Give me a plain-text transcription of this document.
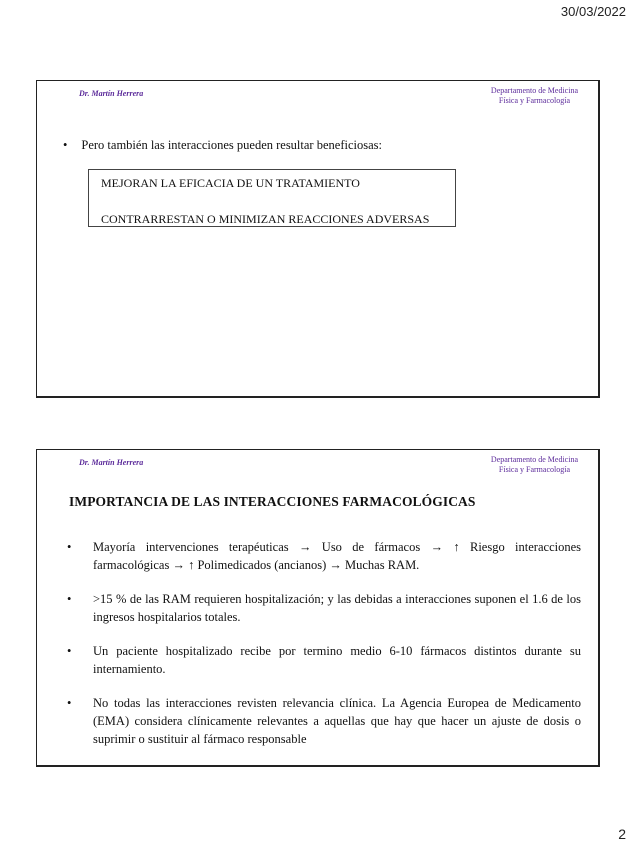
30/03/2022
Dr. Martín Herrera	Departamento de Medicina
Física y Farmacología
• Pero también las interacciones pueden resultar beneficiosas:
MEJORAN LA EFICACIA DE UN TRATAMIENTO
CONTRARRESTAN O MINIMIZAN REACCIONES ADVERSAS
Dr. Martín Herrera	Departamento de Medicina
Física y Farmacología
IMPORTANCIA DE LAS INTERACCIONES FARMACOLÓGICAS
•	Mayoría intervenciones terapéuticas → Uso de fármacos → ↑ Riesgo interacciones farmacológicas → ↑ Polimedicados (ancianos) → Muchas RAM.
•	>15 % de las RAM requieren hospitalización; y las debidas a interacciones suponen el 1.6 de los ingresos hospitalarios totales.
•	Un paciente hospitalizado recibe por termino medio 6-10 fármacos distintos durante su internamiento.
•	No todas las interacciones revisten relevancia clínica. La Agencia Europea de Medicamento (EMA) considera clínicamente relevantes a aquellas que hay que hacer un ajuste de dosis o suprimir o sustituir al fármaco responsable
2
